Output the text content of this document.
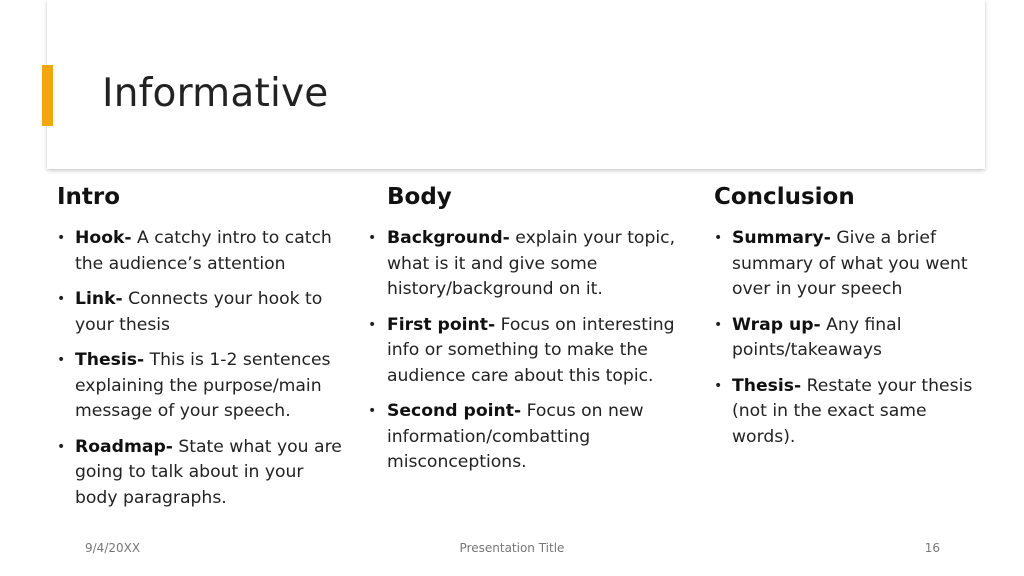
Informative
Intro
• Hook- A catchy intro to catch the audience’s attention
• Link- Connects your hook to your thesis
• Thesis- This is 1-2 sentences explaining the purpose/main message of your speech.
• Roadmap- State what you are going to talk about in your body paragraphs.
Body
• Background- explain your topic, what is it and give some history/background on it.
• First point- Focus on interesting info or something to make the audience care about this topic.
• Second point- Focus on new information/combatting misconceptions.
Conclusion
• Summary- Give a brief summary of what you went over in your speech
• Wrap up- Any final points/takeaways
• Thesis- Restate your thesis (not in the exact same words).
9/4/20XX	Presentation Title	16
